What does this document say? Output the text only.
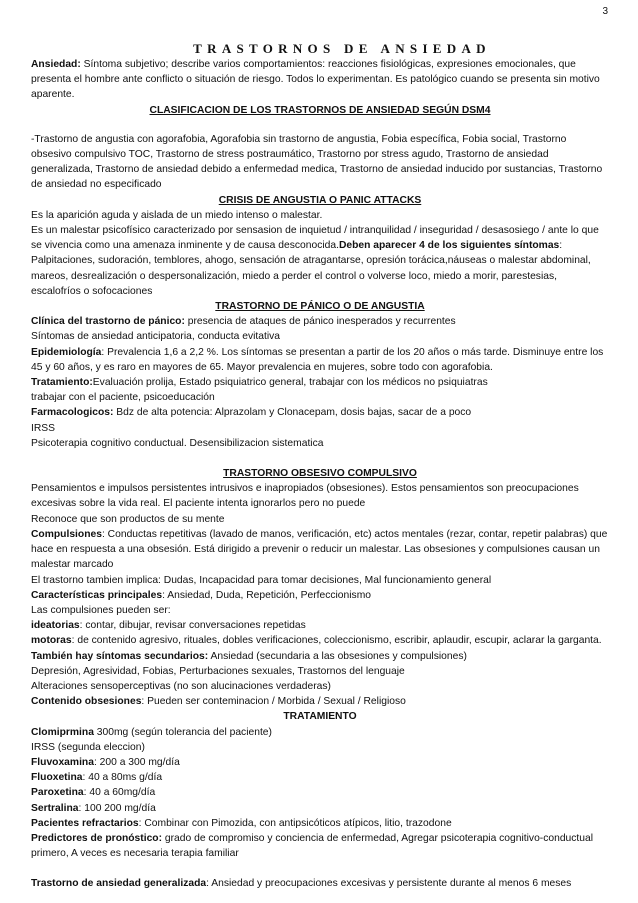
3
TRASTORNOS DE ANSIEDAD

Ansiedad: Síntoma subjetivo; describe varios comportamientos: reacciones fisiológicas, expresiones emocionales, que presenta el hombre ante conflicto o situación de riesgo. Todos lo experimentan. Es patológico cuando se presenta sin motivo aparente.

CLASIFICACION DE LOS TRASTORNOS DE ANSIEDAD SEGÚN DSM4

-Trastorno de angustia con agorafobia, Agorafobia sin trastorno de angustia, Fobia específica, Fobia social, Trastorno obsesivo compulsivo TOC, Trastorno de stress postraumático, Trastorno por stress agudo, Trastorno de ansiedad generalizada, Trastorno de ansiedad debido a enfermedad medica, Trastorno de ansiedad inducido por sustancias, Trastorno de ansiedad no especificado

CRISIS DE ANGUSTIA O PANIC ATTACKS

Es la aparición aguda y aislada de un miedo intenso o malestar.

Es un malestar psicofísico caracterizado por sensasion de inquietud / intranquilidad / inseguridad / desasosiego / ante lo que se vivencia como una amenaza inminente y de causa desconocida.Deben aparecer 4 de los siguientes síntomas:

Palpitaciones, sudoración, temblores, ahogo, sensación de atragantarse, opresión torácica,náuseas o malestar abdominal, mareos, desrealización o despersonalización, miedo a perder el control o volverse loco, miedo a morir, parestesias, escalofríos o sofocaciones

TRASTORNO DE PÁNICO O DE ANGUSTIA

Clínica del trastorno de pánico: presencia de ataques de pánico inesperados y recurrentes

Síntomas de ansiedad anticipatoria, conducta evitativa

Epidemiología: Prevalencia 1,6 a 2,2 %. Los síntomas se presentan a partir de los 20 años o más tarde. Disminuye entre los 45 y 60 años, y es raro en mayores de 65. Mayor prevalencia en mujeres, sobre todo con agorafobia.

Tratamiento:Evaluación prolija, Estado psiquiatrico general, trabajar con los médicos no psiquiatras

trabajar con el paciente, psicoeducación

Farmacologicos: Bdz de alta potencia: Alprazolam y Clonacepam, dosis bajas, sacar de a poco

IRSS

Psicoterapia cognitivo conductual. Desensibilizacion sistematica

TRASTORNO OBSESIVO COMPULSIVO

Pensamientos e impulsos persistentes intrusivos e inapropiados (obsesiones). Estos pensamientos son preocupaciones excesivas sobre la vida real. El paciente intenta ignorarlos pero no puede

Reconoce que son productos de su mente

Compulsiones: Conductas repetitivas (lavado de manos, verificación, etc) actos mentales (rezar, contar, repetir palabras) que hace en respuesta a una obsesión. Está dirigido a prevenir o reducir un malestar. Las obsesiones y compulsiones causan un malestar marcado

El trastorno tambien implica: Dudas, Incapacidad para tomar decisiones, Mal funcionamiento general

Características principales: Ansiedad, Duda, Repetición, Perfeccionismo

Las compulsiones pueden ser:

ideatorias: contar, dibujar, revisar conversaciones repetidas

motoras: de contenido agresivo, rituales, dobles verificaciones, coleccionismo, escribir, aplaudir, escupir, aclarar la garganta.

También hay síntomas secundarios: Ansiedad (secundaria a las obsesiones y compulsiones)

Depresión, Agresividad, Fobias, Perturbaciones sexuales, Trastornos del lenguaje

Alteraciones sensoperceptivas (no son alucinaciones verdaderas)

Contenido obsesiones: Pueden ser conteminacion / Morbida / Sexual / Religioso

TRATAMIENTO

Clomiprmina 300mg (según tolerancia del paciente)

IRSS (segunda eleccion)

Fluvoxamina: 200 a 300 mg/día

Fluoxetina: 40 a 80ms g/día

Paroxetina: 40 a 60mg/día

Sertralina: 100 200 mg/día

Pacientes refractarios: Combinar con Pimozida, con antipsicóticos atípicos, litio, trazodone

Predictores de pronóstico: grado de compromiso y conciencia de enfermedad, Agregar psicoterapia cognitivo-conductual primero, A veces es necesaria terapia familiar

Trastorno de ansiedad generalizada: Ansiedad y preocupaciones excesivas y persistente durante al menos 6 meses
